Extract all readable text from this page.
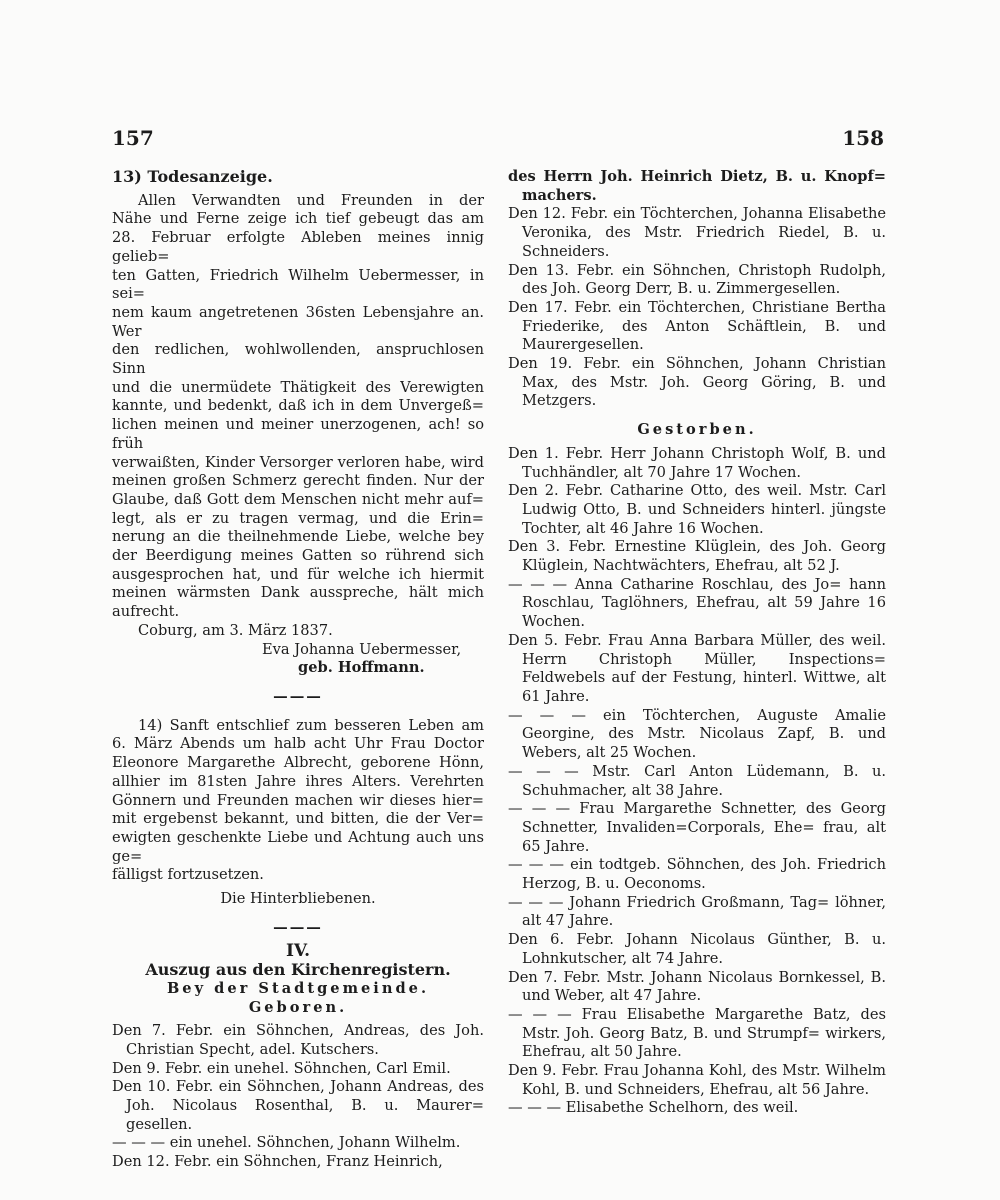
157	158

13) Todesanzeige.

Allen Verwandten und Freunden in der

Nähe und Ferne zeige ich tief gebeugt das am

28. Februar erfolgte Ableben meines innig gelieb=

ten Gatten, Friedrich Wilhelm Uebermesser, in sei=

nem kaum angetretenen 36sten Lebensjahre an. Wer

den redlichen, wohlwollenden, anspruchlosen Sinn

und die unermüdete Thätigkeit des Verewigten

kannte, und bedenkt, daß ich in dem Unvergeß=

lichen meinen und meiner unerzogenen, ach! so früh

verwaißten, Kinder Versorger verloren habe, wird

meinen großen Schmerz gerecht finden. Nur der

Glaube, daß Gott dem Menschen nicht mehr auf=

legt, als er zu tragen vermag, und die Erin=

nerung an die theilnehmende Liebe, welche bey

der Beerdigung meines Gatten so rührend sich

ausgesprochen hat, und für welche ich hiermit

meinen wärmsten Dank ausspreche, hält mich

aufrecht.

Coburg, am 3. März 1837.

Eva Johanna Uebermesser,

geb. Hoffmann.

———

14) Sanft entschlief zum besseren Leben am

6. März Abends um halb acht Uhr Frau Doctor

Eleonore Margarethe Albrecht, geborene Hönn,

allhier im 81sten Jahre ihres Alters. Verehrten

Gönnern und Freunden machen wir dieses hier=

mit ergebenst bekannt, und bitten, die der Ver=

ewigten geschenkte Liebe und Achtung auch uns ge=

fälligst fortzusetzen.

Die Hinterbliebenen.

———

IV.

Auszug aus den Kirchenregistern.

Bey der Stadtgemeinde.

Geboren.

Den 7. Febr. ein Söhnchen, Andreas, des Joh. Christian Specht, adel. Kutschers.

Den 9. Febr. ein unehel. Söhnchen, Carl Emil.

Den 10. Febr. ein Söhnchen, Johann Andreas, des Joh. Nicolaus Rosenthal, B. u. Maurer= gesellen.

— — — ein unehel. Söhnchen, Johann Wilhelm.

Den 12. Febr. ein Söhnchen, Franz Heinrich,

des Herrn Joh. Heinrich Dietz, B. u. Knopf= machers.

Den 12. Febr. ein Töchterchen, Johanna Elisabethe Veronika, des Mstr. Friedrich Riedel, B. u. Schneiders.

Den 13. Febr. ein Söhnchen, Christoph Rudolph, des Joh. Georg Derr, B. u. Zimmergesellen.

Den 17. Febr. ein Töchterchen, Christiane Bertha Friederike, des Anton Schäftlein, B. und Maurergesellen.

Den 19. Febr. ein Söhnchen, Johann Christian Max, des Mstr. Joh. Georg Göring, B. und Metzgers.

Gestorben.

Den 1. Febr. Herr Johann Christoph Wolf, B. und Tuchhändler, alt 70 Jahre 17 Wochen.

Den 2. Febr. Catharine Otto, des weil. Mstr. Carl Ludwig Otto, B. und Schneiders hinterl. jüngste Tochter, alt 46 Jahre 16 Wochen.

Den 3. Febr. Ernestine Klüglein, des Joh. Georg Klüglein, Nachtwächters, Ehefrau, alt 52 J.

— — — Anna Catharine Roschlau, des Jo= hann Roschlau, Taglöhners, Ehefrau, alt 59 Jahre 16 Wochen.

Den 5. Febr. Frau Anna Barbara Müller, des weil. Herrn Christoph Müller, Inspections= Feldwebels auf der Festung, hinterl. Wittwe, alt 61 Jahre.

— — — ein Töchterchen, Auguste Amalie Georgine, des Mstr. Nicolaus Zapf, B. und Webers, alt 25 Wochen.

— — — Mstr. Carl Anton Lüdemann, B. u. Schuhmacher, alt 38 Jahre.

— — — Frau Margarethe Schnetter, des Georg Schnetter, Invaliden=Corporals, Ehe= frau, alt 65 Jahre.

— — — ein todtgeb. Söhnchen, des Joh. Friedrich Herzog, B. u. Oeconoms.

— — — Johann Friedrich Großmann, Tag= löhner, alt 47 Jahre.

Den 6. Febr. Johann Nicolaus Günther, B. u. Lohnkutscher, alt 74 Jahre.

Den 7. Febr. Mstr. Johann Nicolaus Bornkessel, B. und Weber, alt 47 Jahre.

— — — Frau Elisabethe Margarethe Batz, des Mstr. Joh. Georg Batz, B. und Strumpf= wirkers, Ehefrau, alt 50 Jahre.

Den 9. Febr. Frau Johanna Kohl, des Mstr. Wilhelm Kohl, B. und Schneiders, Ehefrau, alt 56 Jahre.

— — — Elisabethe Schelhorn, des weil.
